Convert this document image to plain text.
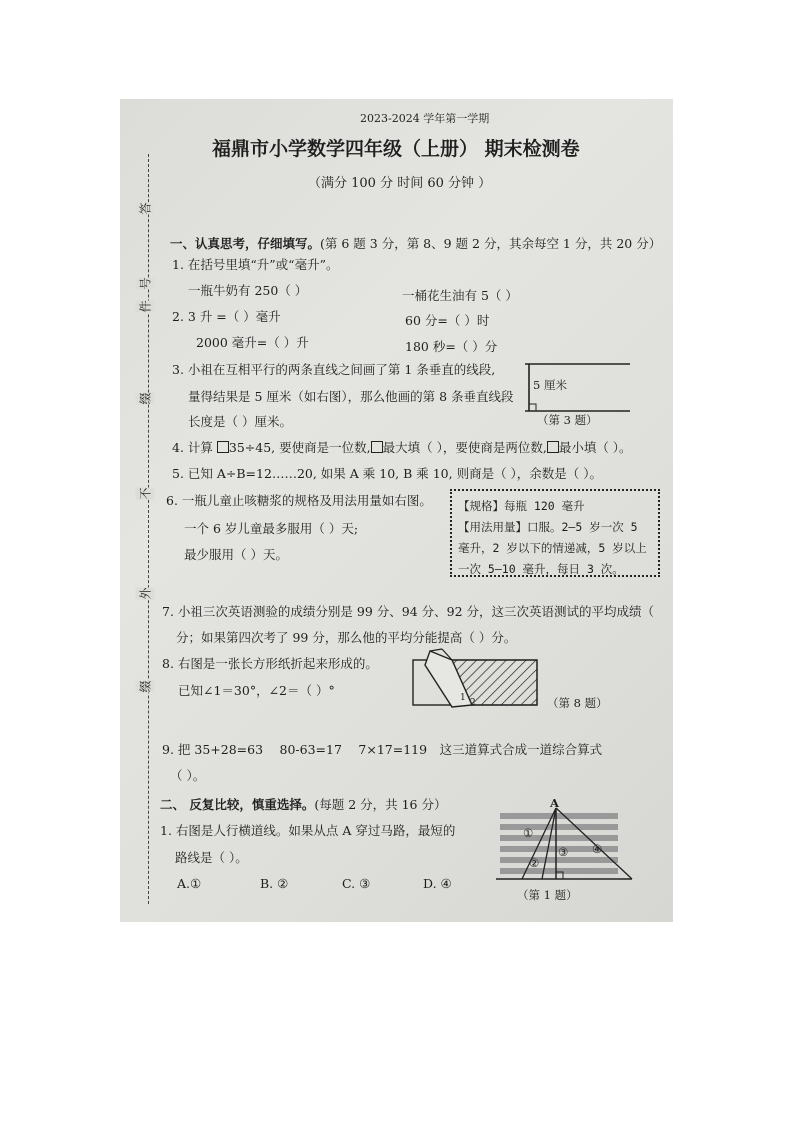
答
号
件
缀
不
外
缀
2023-2024 学年第一学期
福鼎市小学数学四年级（上册） 期末检测卷
（满分 100 分 时间 60 分钟 ）
一、认真思考，仔细填写。(第 6 题 3 分，第 8、9 题 2 分，其余每空 1 分，共 20 分）
1. 在括号里填“升”或“毫升”。
一瓶牛奶有 250（ ）	一桶花生油有 5（ ）
2. 3 升 =（ ）毫升	60 分=（ ）时
2000 毫升=（ ）升	180 秒=（ ）分
3. 小祖在互相平行的两条直线之间画了第 1 条垂直的线段,
量得结果是 5 厘米（如右图），那么他画的第 8 条垂直线段
长度是（ ）厘米。
5 厘米
（第 3 题）
4. 计算 35÷45, 要使商是一位数, 最大填（ ），要使商是两位数, 最小填（ ）。
5. 已知 A÷B=12……20, 如果 A 乘 10, B 乘 10, 则商是（ ），余数是（ ）。
6. 一瓶儿童止咳糖浆的规格及用法用量如右图。
一个 6 岁儿童最多服用（ ）天;
最少服用（ ）天。
【规格】每瓶 120 毫升
【用法用量】口服。2—5 岁一次 5 毫升，2 岁以下的情递减，5 岁以上一次 5—10 毫升，每日 3 次。
7. 小祖三次英语测验的成绩分别是 99 分、94 分、92 分，这三次英语测试的平均成绩（
分；如果第四次考了 99 分，那么他的平均分能提高（ ）分。
8. 右图是一张长方形纸折起来形成的。
已知∠1＝30°，∠2＝（ ）°	1 2	（第 8 题）
9. 把 35+28=63　 80-63=17　 7×17=119　这三道算式合成一道综合算式
（ ）。
二、 反复比较，慎重选择。(每题 2 分，共 16 分）
1. 右图是人行横道线。如果从点 A 穿过马路，最短的
路线是（ ）。
A.①	B. ②	C. ③	D. ④
A
①
②
③ ④
（第 1 题）
